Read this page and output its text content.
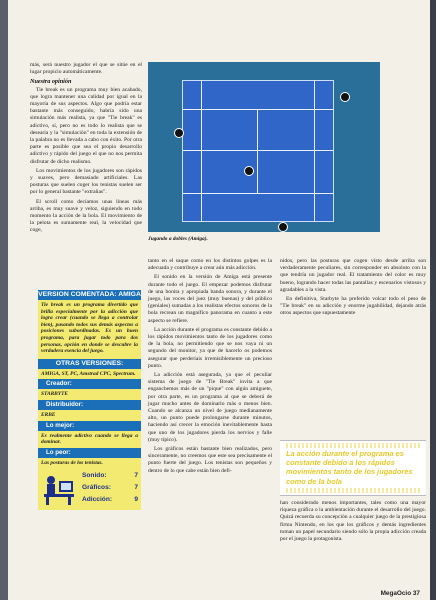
más, será nuestro jugador el que se sitúe en el lugar propicio automáticamente.

Nuestra opinión

Tie break es un programa muy bien acabado, que logra mantener una calidad por igual en la mayoría de sus aspectos. Algo que podría estar bastante más conseguido, habría sido una simulación más realista, ya que "Tie break" es adictivo, sí, pero no es todo lo realista que se desearía y la "simulación" en toda la extensión de la palabra no es llevada a cabo con éxito. Por otra parte es posible que sea el propio desarrollo adictivo y rápido del juego el que no nos permita disfrutar de dicho realismo.

Los movimientos de los jugadores son rápidos y suaves, pero demasiado artificiales. Las posturas que suelen coger los tenistas suelen ser por lo general bastante "extrañas".

El scroll como decíamos unas líneas más arriba, es muy suave y veloz, siguiendo en todo momento la acción de la bola. El movimiento de la pelota es sumamente real, la velocidad que coge,

Jugando a dobles (Amiga).

tanto en el saque como en los distintos golpes es la adecuada y contribuye a crear aún más adicción.

El sonido en la versión de Amiga está presente durante todo el juego. El empezar podemos disfrutar de una bonita y apropiada banda sonora, y durante el juego, las voces del juez (muy buenas) y del público (geniales) sumadas a los realistas efectos sonoros de la bola recrean un magnífico panorama en cuanto a este aspecto se refiere.

La acción durante el programa es constante debido a los rápidos movimientos tanto de los jugadores como de la bola, no permitiendo que se nos vaya ni un segundo del monitor, ya que de hacerlo os podemos asegurar que perderíais irremisiblemente un precioso punto.

La adicción está asegurada, ya que el peculiar sistema de juego de "Tie Break" invita a que enganchemos más de un "pique" con algún amiguete, por otra parte, es un programa al que se deberá de jugar mucho antes de dominarlo más o menos bien. Cuando se alcanza un nivel de juego medianamente alto, un punto puede prolongarse durante minutos, haciendo así crecer la emoción inevitablemente hasta que uno de los jugadores pierda los nervios y falle (muy típico).

Los gráficos están bastante bien realizados, pero sinceramente, no creemos que este sea precisamente el punto fuerte del juego. Los tenistas son pequeños y dentro de lo que cabe están bien defi-

nidos, pero las posturas que cogen visto desde arriba son verdaderamente peculiares, sin corresponder en absoluto con la que tendría un jugador real. El tratamiento del color es muy bueno, logrando hacer todas las pantallas y escenarios vistosos y agradables a la vista.

En definitiva, Starbyte ha preferido volcar todo el peso de "Tie break" en su adicción y enorme jugabilidad, dejando atrás otros aspectos que supuestamente

La acción durante el programa es constante debido a los rápidos movimientos tanto de los jugadores como de la bola

han considerado menos importantes, tales como una mayor riqueza gráfica o la ambientación durante el desarrollo del juego. Quizá recuerda su concepción a cualquier juego de la prestigiosa firma Nintendo, en los que los gráficos y demás ingredientes toman un papel secundario siendo sólo la propia adicción creada por el juego la protagonista.

VERSION COMENTADA: AMIGA

Tie break es un programa divertido que brilla especialmente por la adicción que logra crear (cuando se llega a controlar bien), pasando todos sus demás aspectos a posiciones subordinadas. Es un buen programa, para jugar todo para dos personas, opción en donde se descubre la verdadera esencia del juego.

OTRAS VERSIONES:
AMIGA, ST, PC, Amstrad CPC, Spectrum.
Creador:
STARBYTE
Distribuidor:
ERBE
Lo mejor:
Es realmente adictivo cuando se llega a dominar.
Lo peor:
Las posturas de los tenistas.
Sonido:	7
Gráficos:	7
Adicción:	9
MegaOcio 37
